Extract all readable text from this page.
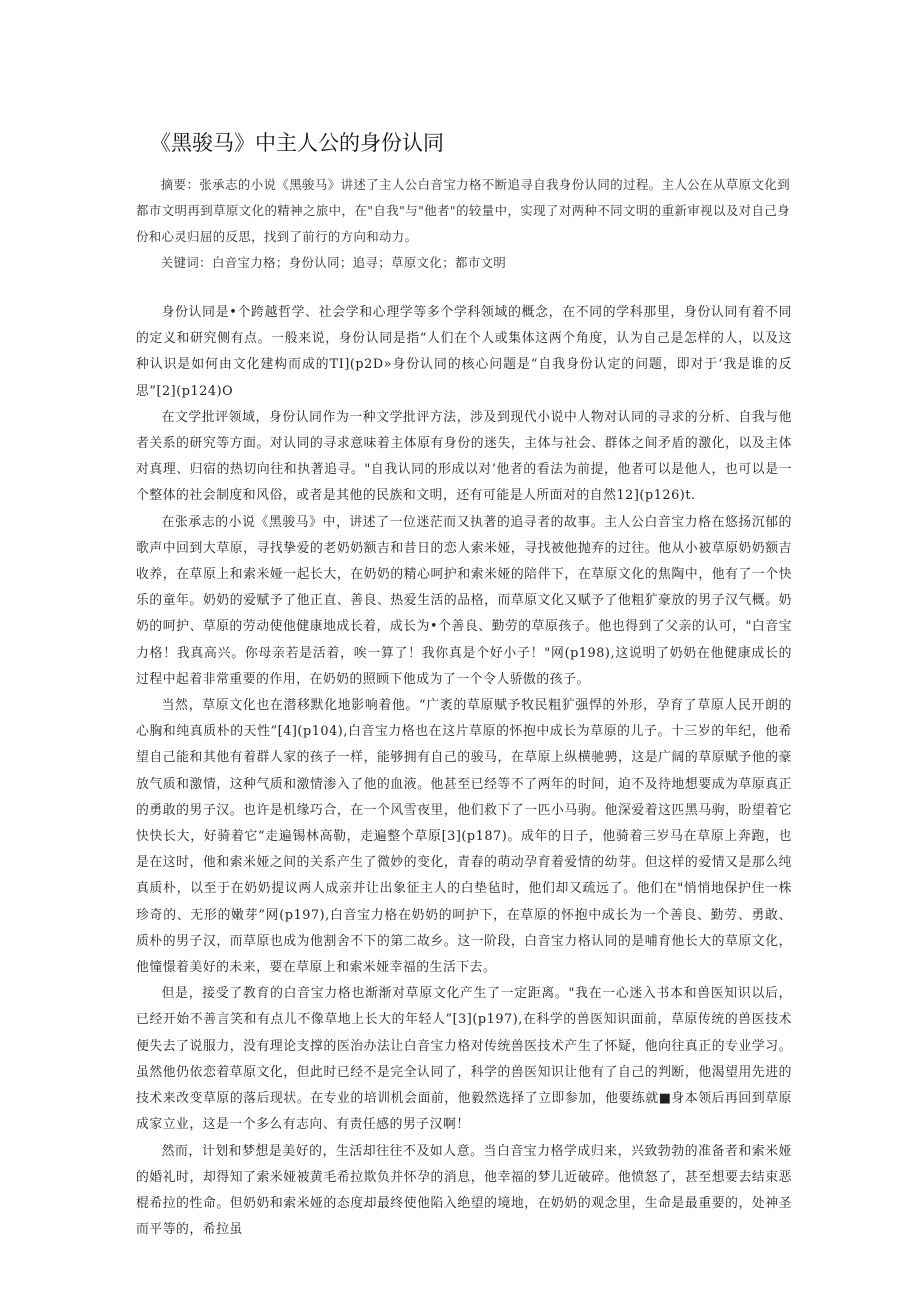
《黑骏马》中主人公的身份认同

摘要：张承志的小说《黑骏马》讲述了主人公白音宝力格不断追寻自我身份认同的过程。主人公在从草原文化到都市文明再到草原文化的精神之旅中，在"自我"与"他者"的较量中，实现了对两种不同文明的重新审视以及对自己身份和心灵归屈的反思，找到了前行的方向和动力。

关键词：白音宝力格；身份认同；追寻；草原文化；都市文明

身份认同是•个跨越哲学、社会学和心理学等多个学科领域的概念，在不同的学科那里，身份认同有着不同的定义和研究侧有点。一般来说，身份认同是指“人们在个人或集体这两个角度，认为自己是怎样的人，以及这种认识是如何由文化建构而成的TI](p2D»身份认同的核心问题是“自我身份认定的问题，即对于‘我是谁的反思”[2](p124)O

在文学批评领域，身份认同作为一种文学批评方法，涉及到现代小说中人物对认同的寻求的分析、自我与他者关系的研究等方面。对认同的寻求意味着主体原有身份的迷失，主体与社会、群体之间矛盾的激化，以及主体对真理、归宿的热切向往和执著追寻。"自我认同的形成以对’他者的看法为前提，他者可以是他人，也可以是一个整体的社会制度和风俗，或者是其他的民族和文明，还有可能是人所面对的自然12](p126)t.

在张承志的小说《黑骏马》中，讲述了一位迷茫而又执著的追寻者的故事。主人公白音宝力格在悠扬沉郁的歌声中回到大草原，寻找挚爱的老奶奶额吉和昔日的恋人索米娅，寻找被他抛弃的过往。他从小被草原奶奶额吉收养，在草原上和索米娅一起长大，在奶奶的精心呵护和索米娅的陪伴下，在草原文化的焦陶中，他有了一个快乐的童年。奶奶的爱赋予了他正直、善良、热爱生活的品格，而草原文化又赋予了他粗犷豪放的男子汉气概。奶奶的呵护、草原的劳动使他健康地成长着，成长为•个善良、勤劳的草原孩子。他也得到了父亲的认可，"白音宝力格！我真高兴。你母亲若是活着，唉一算了！我你真是个好小子！"网(p198),这说明了奶奶在他健康成长的过程中起着非常重要的作用，在奶奶的照顾下他成为了一个令人骄傲的孩子。

当然，草原文化也在潜移默化地影响着他。“广袤的草原赋予牧民粗犷强悍的外形，孕育了草原人民开朗的心胸和纯真质朴的天性”[4](p104),白音宝力格也在这片草原的怀抱中成长为草原的儿子。十三岁的年纪，他希望自己能和其他有着群人家的孩子一样，能够拥有自己的骏马，在草原上纵横驰骋，这是广阔的草原赋予他的豪放气质和激情，这种气质和激情渗入了他的血液。他甚至已经等不了两年的时间，迫不及待地想要成为草原真正的勇敢的男子汉。也许是机缘巧合，在一个风雪夜里，他们救下了一匹小马驹。他深爱着这匹黑马驹，盼望着它快快长大，好骑着它“走遍锡林高勒，走遍整个草原[3](p187)。成年的日子，他骑着三岁马在草原上奔跑，也是在这时，他和索米娅之间的关系产生了微妙的变化，青春的萌动孕育着爱情的幼芽。但这样的爱情又是那么纯真质朴，以至于在奶奶提议两人成亲并让出象征主人的白垫毡时，他们却又疏远了。他们在"悄悄地保护住一株珍奇的、无形的嫩芽”网(p197),白音宝力格在奶奶的呵护下，在草原的怀抱中成长为一个善良、勤劳、勇敢、质朴的男子汉，而草原也成为他割舍不下的第二故乡。这一阶段，白音宝力格认同的是哺育他长大的草原文化，他憧憬着美好的未来，要在草原上和索米娅幸福的生活下去。

但是，接受了教育的白音宝力格也渐渐对草原文化产生了一定距离。"我在一心迷入书本和兽医知识以后，已经开始不善言笑和有点儿不像草地上长大的年轻人”[3](p197),在科学的兽医知识面前，草原传统的兽医技术便失去了说服力，没有理论支撑的医治办法让白音宝力格对传统兽医技术产生了怀疑，他向往真正的专业学习。虽然他仍依恋着草原文化，但此时已经不是完全认同了，科学的兽医知识让他有了自己的判断，他渴望用先进的技术来改变草原的落后现状。在专业的培训机会面前，他毅然选择了立即参加，他要练就■身本领后再回到草原成家立业，这是一个多么有志向、有责任感的男子汉啊！

然而，计划和梦想是美好的，生活却往往不及如人意。当白音宝力格学成归来，兴致勃勃的准备者和索米娅的婚礼时，却得知了索米娅被黄毛希拉欺负并怀孕的消息，他幸福的梦儿近破碎。他愤怒了，甚至想要去结束恶棍希拉的性命。但奶奶和索米娅的态度却最终使他陷入绝望的境地，在奶奶的观念里，生命是最重要的，处神圣而平等的，希拉虽
